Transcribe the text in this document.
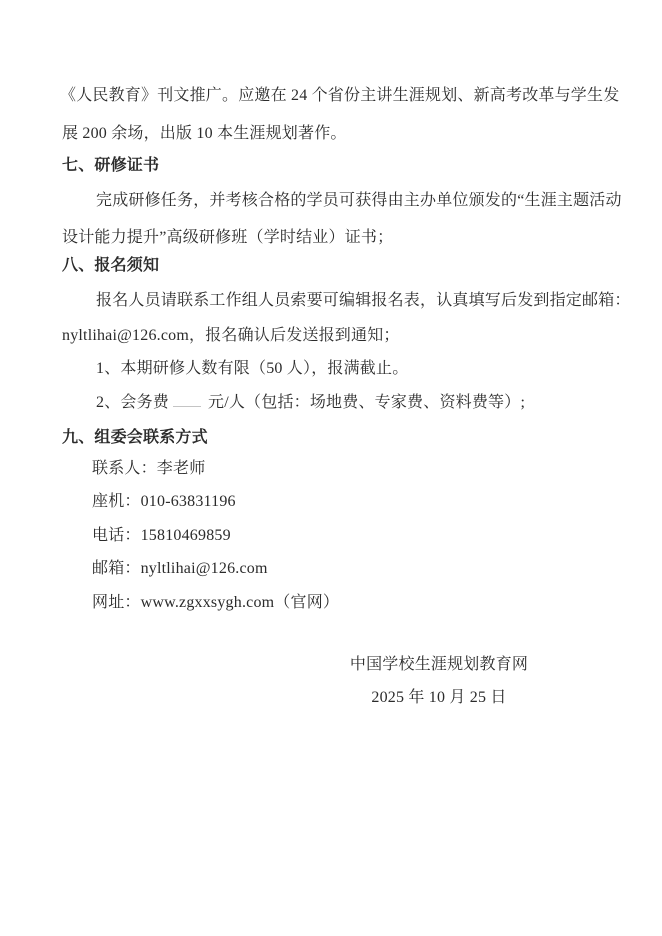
《人民教育》刊文推广。应邀在 24 个省份主讲生涯规划、新高考改革与学生发
展 200 余场，出版 10 本生涯规划著作。
七、研修证书
完成研修任务，并考核合格的学员可获得由主办单位颁发的“生涯主题活动
设计能力提升”高级研修班（学时结业）证书；
八、报名须知
报名人员请联系工作组人员索要可编辑报名表，认真填写后发到指定邮箱：
nyltlihai@126.com，报名确认后发送报到通知；
1、本期研修人数有限（50 人），报满截止。
2、会务费 元/人（包括：场地费、专家费、资料费等）;
九、组委会联系方式
联系人：李老师
座机：010-63831196
电话：15810469859
邮箱：nyltlihai@126.com
网址：www.zgxxsygh.com（官网）
中国学校生涯规划教育网
2025 年 10 月 25 日
